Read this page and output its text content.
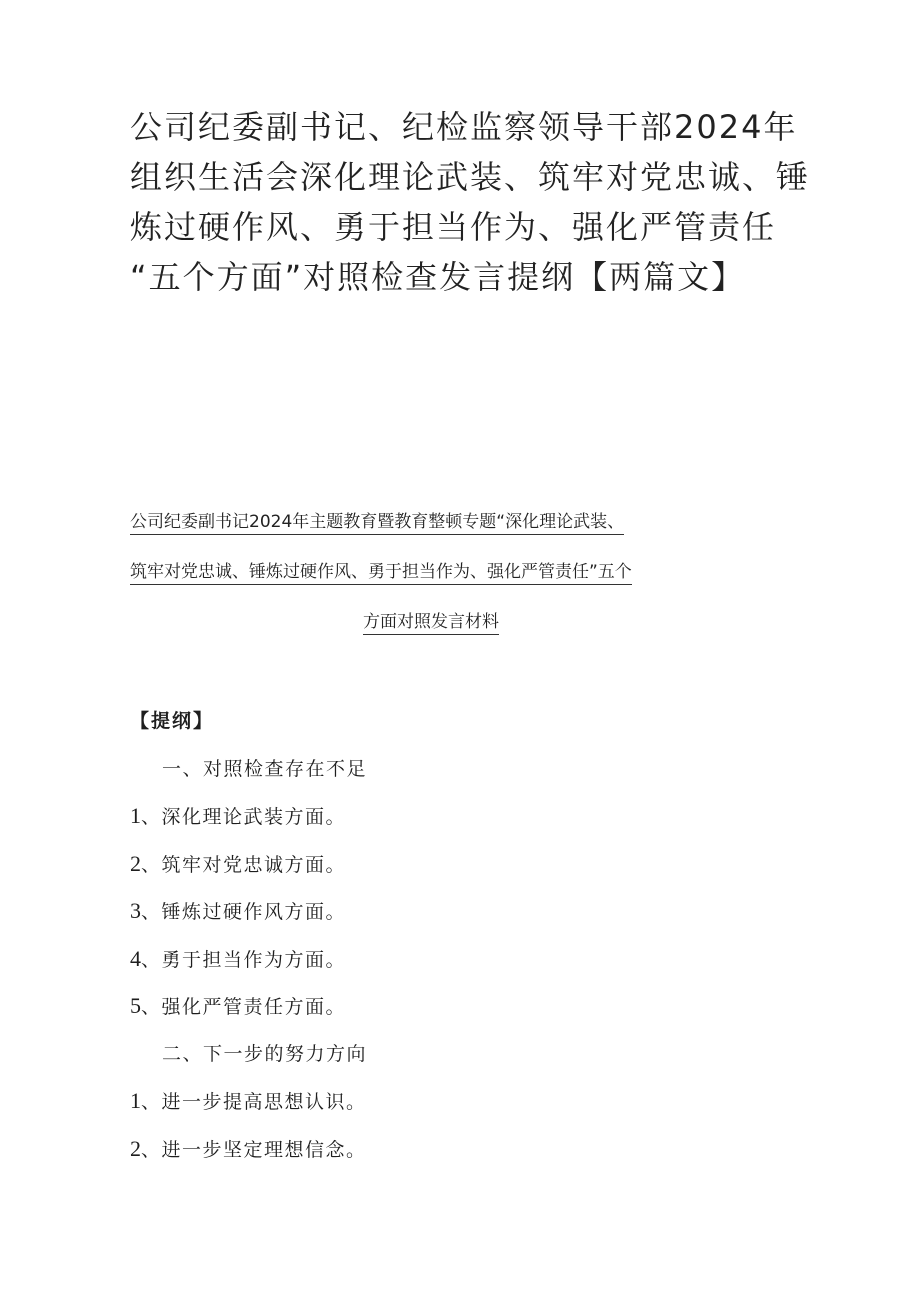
公司纪委副书记、纪检监察领导干部2024年
组织生活会深化理论武装、筑牢对党忠诚、锤
炼过硬作风、勇于担当作为、强化严管责任
“五个方面”对照检查发言提纲【两篇文】
公司纪委副书记2024年主题教育暨教育整顿专题“深化理论武装、
筑牢对党忠诚、锤炼过硬作风、勇于担当作为、强化严管责任”五个
方面对照发言材料
【提纲】
一、对照检查存在不足
1、深化理论武装方面。
2、筑牢对党忠诚方面。
3、锤炼过硬作风方面。
4、勇于担当作为方面。
5、强化严管责任方面。
二、下一步的努力方向
1、进一步提高思想认识。
2、进一步坚定理想信念。
